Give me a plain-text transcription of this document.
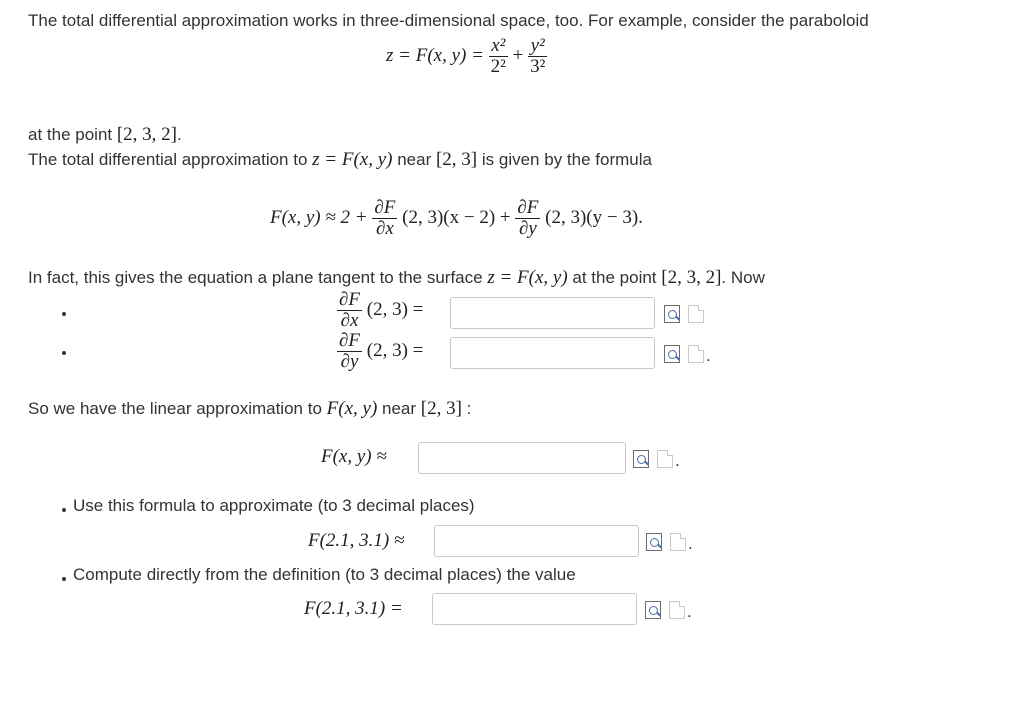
The total differential approximation works in three-dimensional space, too. For example, consider the paraboloid
z = F(x, $y) = \frac{\text{x²}}{\text{2²}} + \frac{\text{y²}}{\text{3²}}$
at the point [2, 3, 2].
The total differential approximation to z = F(x, y) near [2, 3] is given by the formula
F(x, $y) \approx 2 + \frac{\partial F}{\partial x} (2$, $3)(x - 2) + \frac{\partial F}{\partial y} (2$, 3)(y − 3).
In fact, this gives the equation a plane tangent to the surface z = F(x, y) at the point [2, 3, 2]. Now
$\frac{\partial F}{\partial x} (2$, 3) =
$\frac{\partial F}{\partial y} (2$, 3) =	.
So we have the linear approximation to F(x, y) near [2, 3] :
F(x, y) ≈	.
Use this formula to approximate (to 3 decimal places)
F(2.1, 3.1) ≈	.
Compute directly from the definition (to 3 decimal places) the value
F(2.1, 3.1) =	.
